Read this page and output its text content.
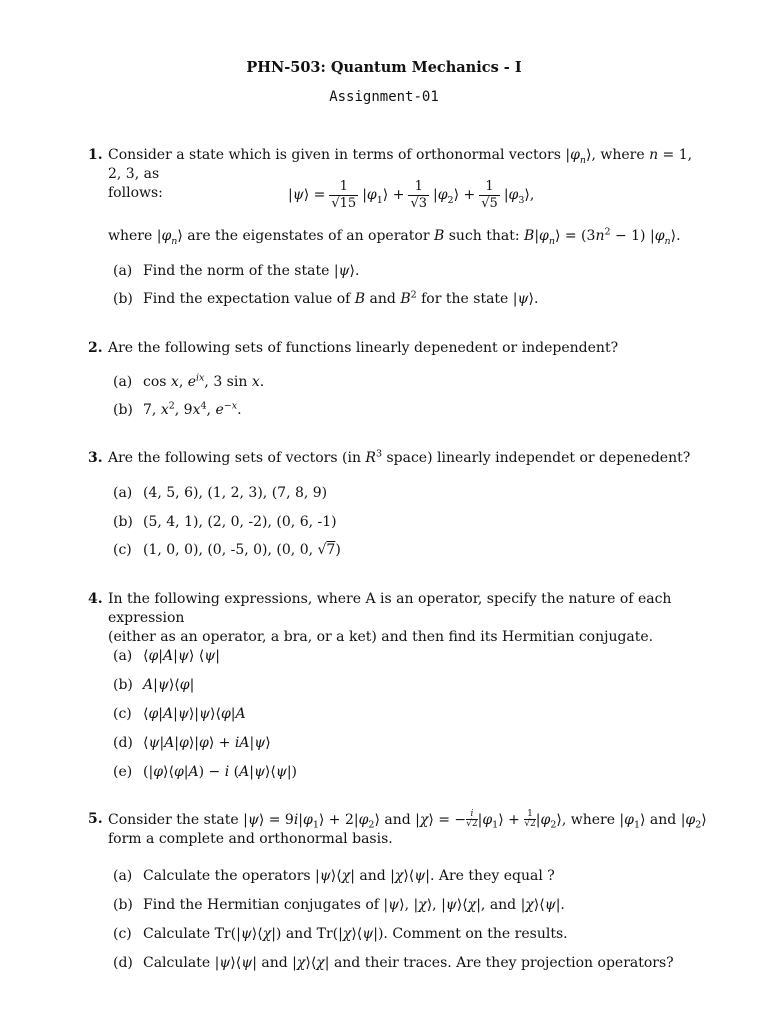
PHN-503: Quantum Mechanics - I
Assignment-01
1. Consider a state which is given in terms of orthonormal vectors $|\varphi_n⟩$, where n = 1, 2, 3, as
follows:	|ψ⟩ = $\frac{1}{√15}$ $|\varphi_1⟩ + \frac{1}{√3}$ $|\varphi_2⟩ + \frac{1}{√5}$ $|\varphi_3⟩$,
where $|\varphi_n⟩$ are the eigenstates of an operator B such that: $B|\varphi_n⟩ = (3n^2 - 1)$ $|\varphi_n⟩$.
(a) Find the norm of the state |ψ⟩.
(b) Find the expectation value of B and $B^2$ for the state |ψ⟩.
2. Are the following sets of functions linearly depenedent or independent?
(a) cos x, $e^{ix}$, 3 sin x.
(b) 7, $x^2$, $9x^4$, $e^{-x}$.
3. Are the following sets of vectors (in $R^3$ space) linearly independet or depenedent?
(a) (4, 5, 6), (1, 2, 3), (7, 8, 9)
(b) (5, 4, 1), (2, 0, -2), (0, 6, -1)
(c) (1, 0, 0), (0, -5, 0), (0, 0, √7)
4. In the following expressions, where A is an operator, specify the nature of each expression
(either as an operator, a bra, or a ket) and then find its Hermitian conjugate.
(a) ⟨φ|A|ψ⟩ ⟨ψ|
(b) A|ψ⟩⟨φ|
(c) ⟨φ|A|ψ⟩|ψ⟩⟨φ|A
(d) ⟨ψ|A|φ⟩|φ⟩ + iA|ψ⟩
(e) (|φ⟩⟨φ|A) − i (A|ψ⟩⟨ψ|)
5. Consider the state |ψ⟩ = $9i|\varphi_1⟩$ + $2|\varphi_2⟩$ and |χ⟩ = − $\frac{i}{√2}$ $|\varphi_1⟩ + \frac{1}{√2}$ $|\varphi_2⟩$, where $|\varphi_1⟩$ and $|\varphi_2⟩$
form a complete and orthonormal basis.
(a) Calculate the operators |ψ⟩⟨χ| and |χ⟩⟨ψ|. Are they equal ?
(b) Find the Hermitian conjugates of |ψ⟩, |χ⟩, |ψ⟩⟨χ|, and |χ⟩⟨ψ|.
(c) Calculate Tr(|ψ⟩⟨χ|) and Tr(|χ⟩⟨ψ|). Comment on the results.
(d) Calculate |ψ⟩⟨ψ| and |χ⟩⟨χ| and their traces. Are they projection operators?
